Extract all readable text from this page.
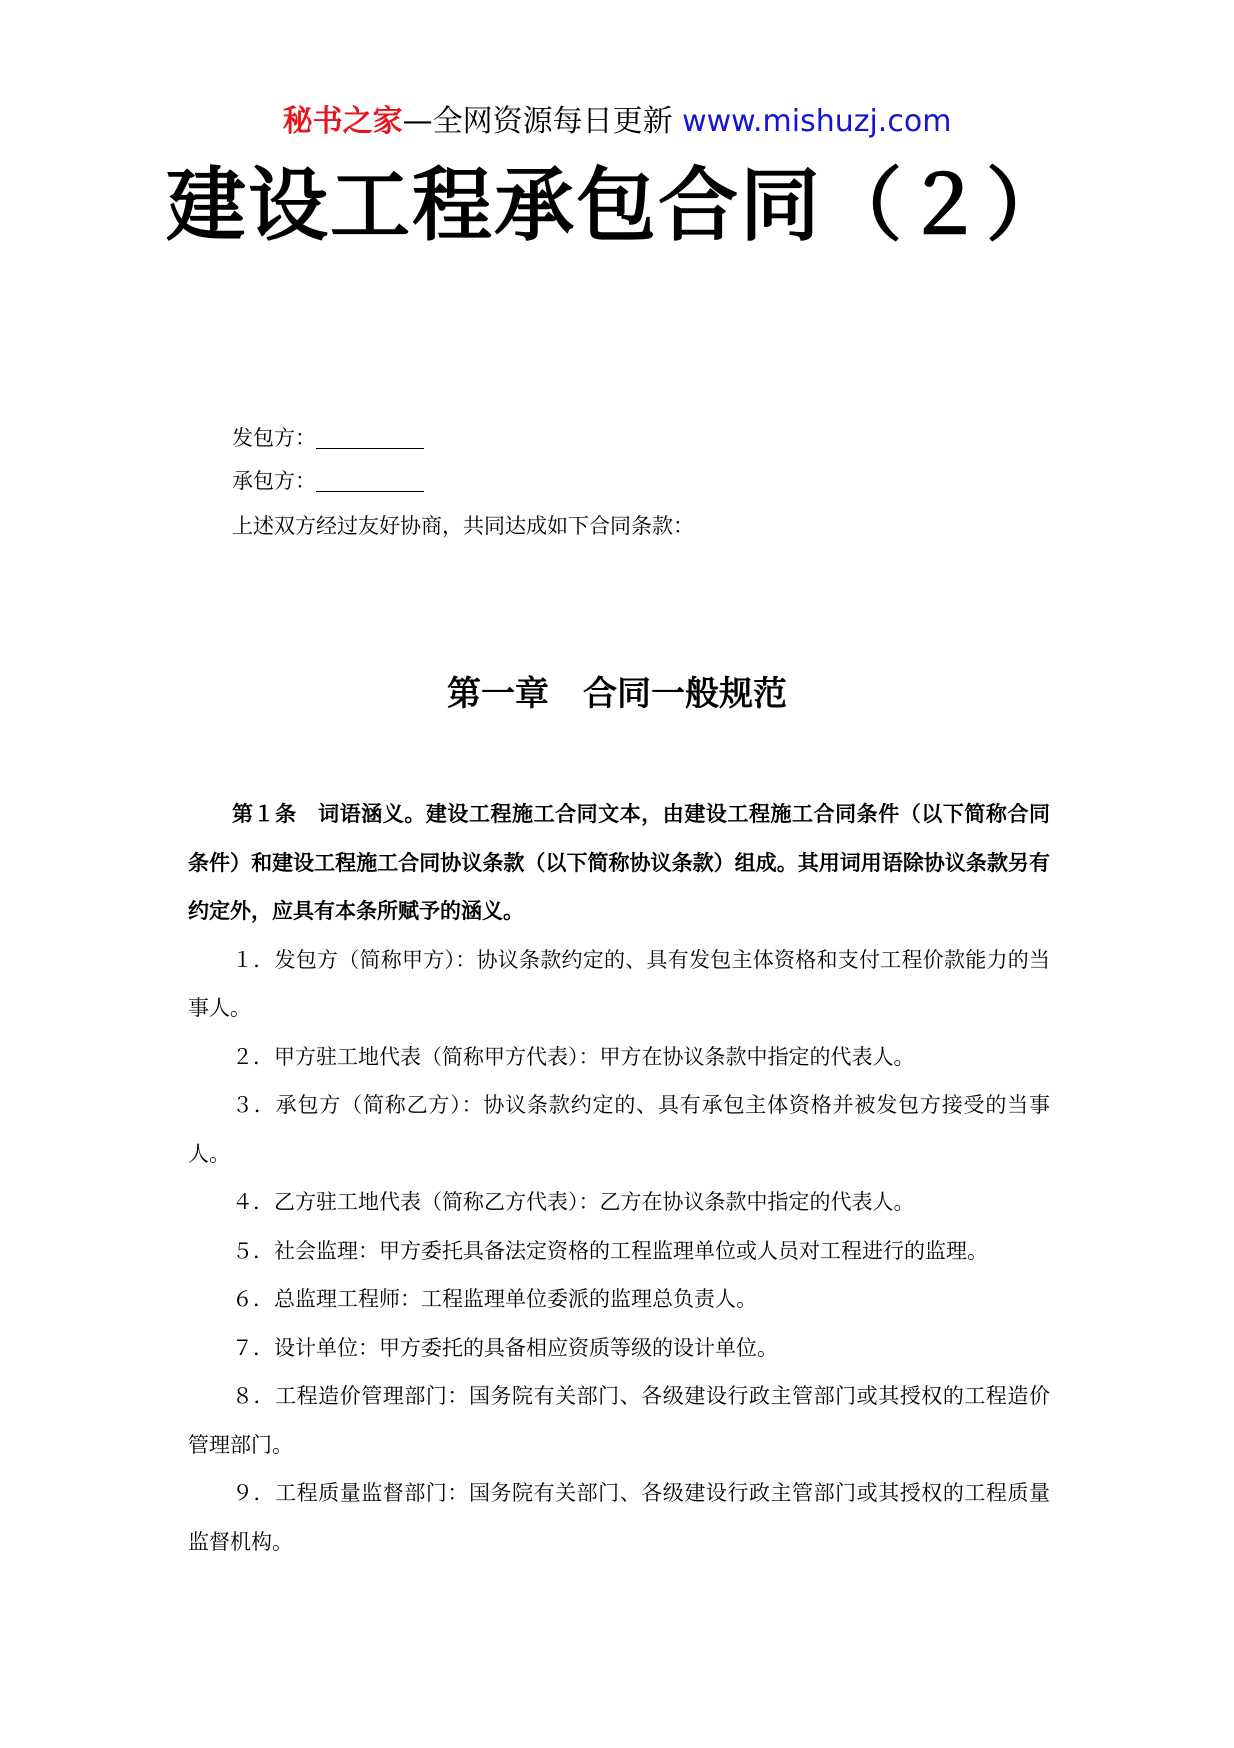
秘书之家—全网资源每日更新 www.mishuzj.com
建设工程承包合同（２）
发包方：
承包方：
上述双方经过友好协商，共同达成如下合同条款：
第一章　合同一般规范

第１条　词语涵义。建设工程施工合同文本，由建设工程施工合同条件（以下简称合同条件）和建设工程施工合同协议条款（以下简称协议条款）组成。其用词用语除协议条款另有约定外，应具有本条所赋予的涵义。

１．发包方（简称甲方）：协议条款约定的、具有发包主体资格和支付工程价款能力的当事人。

２．甲方驻工地代表（简称甲方代表）：甲方在协议条款中指定的代表人。

３．承包方（简称乙方）：协议条款约定的、具有承包主体资格并被发包方接受的当事人。

４．乙方驻工地代表（简称乙方代表）：乙方在协议条款中指定的代表人。

５．社会监理：甲方委托具备法定资格的工程监理单位或人员对工程进行的监理。

６．总监理工程师：工程监理单位委派的监理总负责人。

７．设计单位：甲方委托的具备相应资质等级的设计单位。

８．工程造价管理部门：国务院有关部门、各级建设行政主管部门或其授权的工程造价管理部门。

９．工程质量监督部门：国务院有关部门、各级建设行政主管部门或其授权的工程质量监督机构。
